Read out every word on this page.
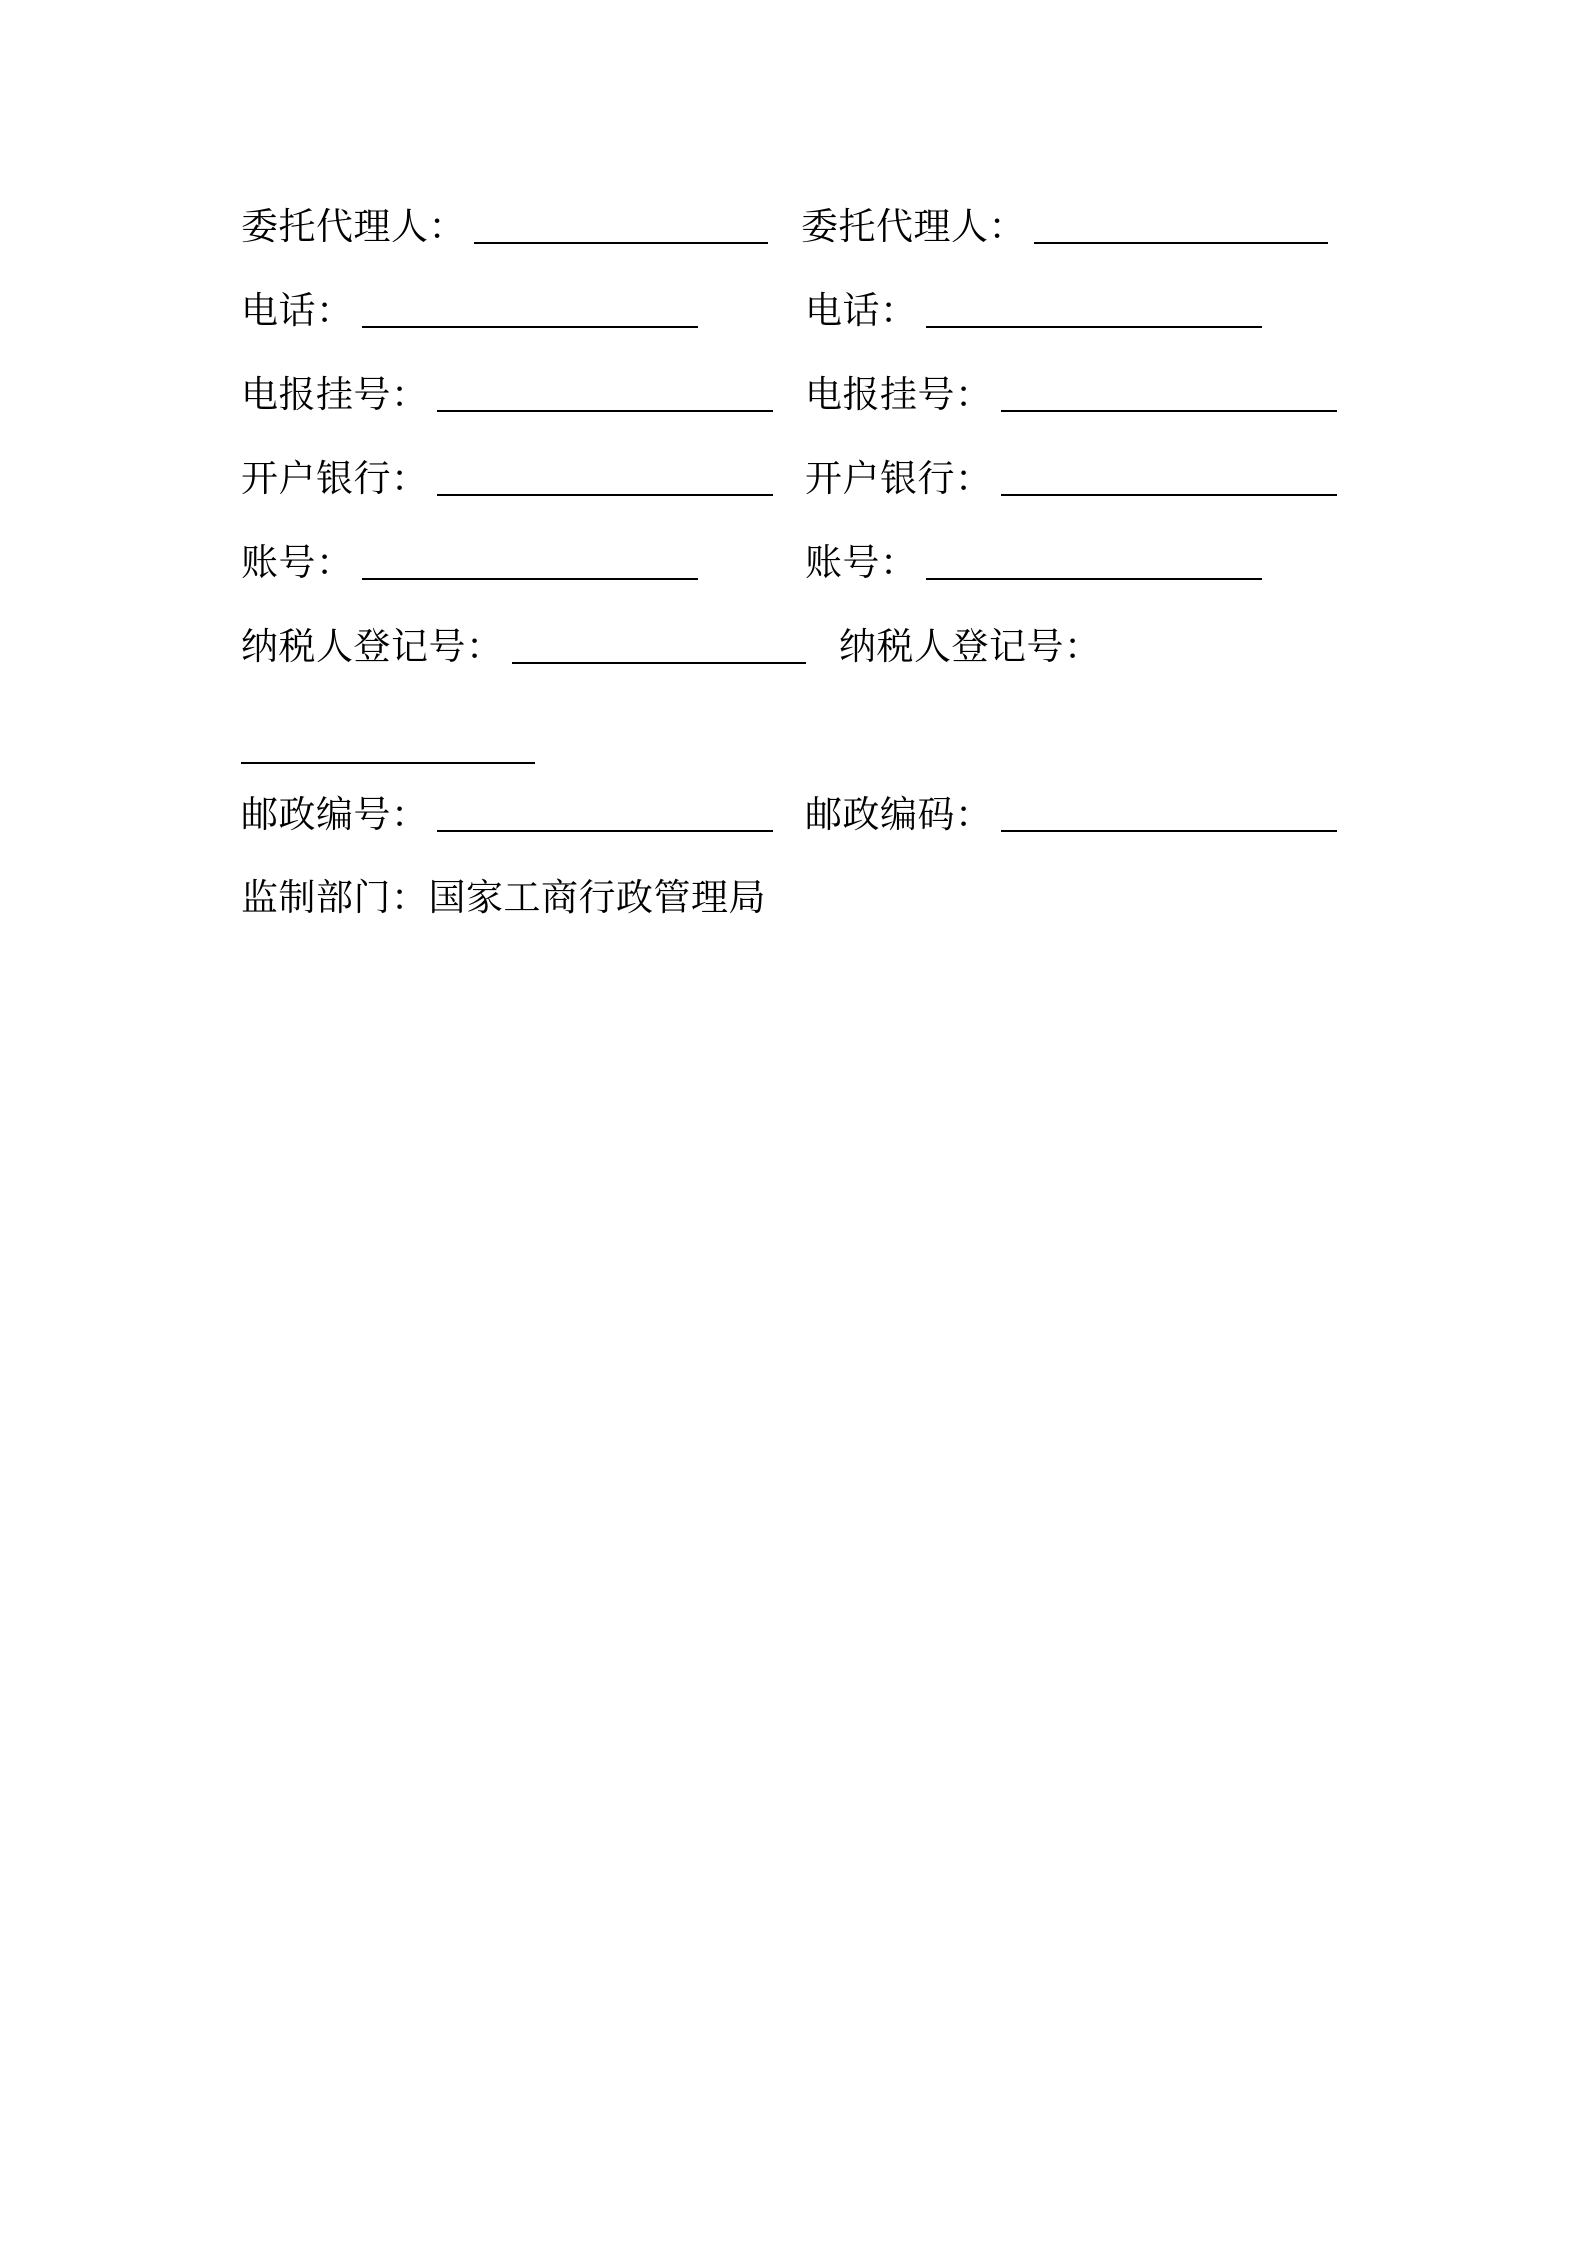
委托代理人：	委托代理人：
电话：	电话：
电报挂号：	电报挂号：
开户银行：	开户银行：
账号：	账号：
纳税人登记号：	纳税人登记号：
邮政编号：	邮政编码：
监制部门：国家工商行政管理局
